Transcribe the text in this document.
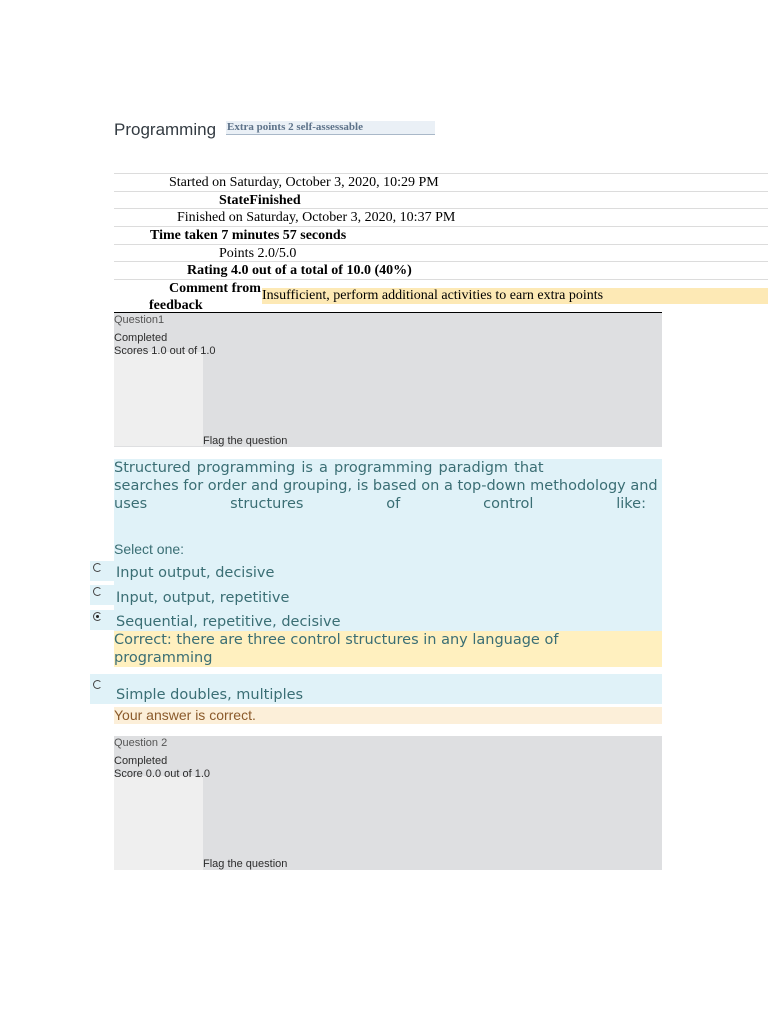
Programming Extra points 2 self-assessable
Started on Saturday, October 3, 2020, 10:29 PM
StateFinished
Finished on Saturday, October 3, 2020, 10:37 PM
Time taken 7 minutes 57 seconds
Points 2.0/5.0
Rating 4.0 out of a total of 10.0 (40%)
Comment from
feedback
Insufficient, perform additional activities to earn extra points
Question1
Completed
Scores 1.0 out of 1.0
Flag the question
Structured programming is a programming paradigm that
searches for order and grouping, is based on a top-down methodology and
uses	structures	of	control	like:
Select one:
Input output, decisive
Input, output, repetitive
Sequential, repetitive, decisive
Correct: there are three control structures in any language of
programming
Simple doubles, multiples
Your answer is correct.
Question 2
Completed
Score 0.0 out of 1.0
Flag the question
